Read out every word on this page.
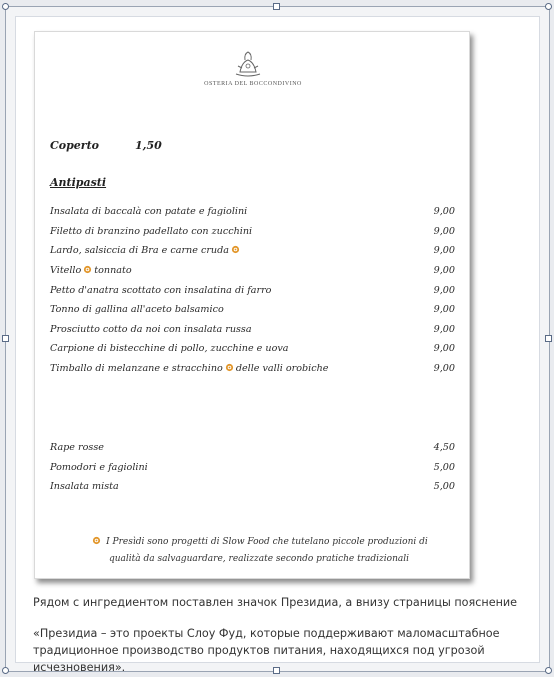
OSTERIA DEL BOCCONDIVINO
Coperto	1,50
Antipasti
Insalata di baccalà con patate e fagiolini	9,00
Filetto di branzino padellato con zucchini	9,00
Lardo, salsiccia di Bra e carne cruda	9,00
Vitello tonnato	9,00
Petto d'anatra scottato con insalatina di farro	9,00
Tonno di gallina all'aceto balsamico	9,00
Prosciutto cotto da noi con insalata russa	9,00
Carpione di bistecchine di pollo, zucchine e uova	9,00
Timballo di melanzane e stracchino delle valli orobiche	9,00
Rape rosse	4,50
Pomodori e fagiolini	5,00
Insalata mista	5,00
I Presìdi sono progetti di Slow Food che tutelano piccole produzioni di
qualità da salvaguardare, realizzate secondo pratiche tradizionali
Рядом с ингредиентом поставлен значок Президиа, а внизу страницы пояснение
«Президиа – это проекты Слоу Фуд, которые поддерживают маломасштабное традиционное производство продуктов питания, находящихся под угрозой исчезновения».
